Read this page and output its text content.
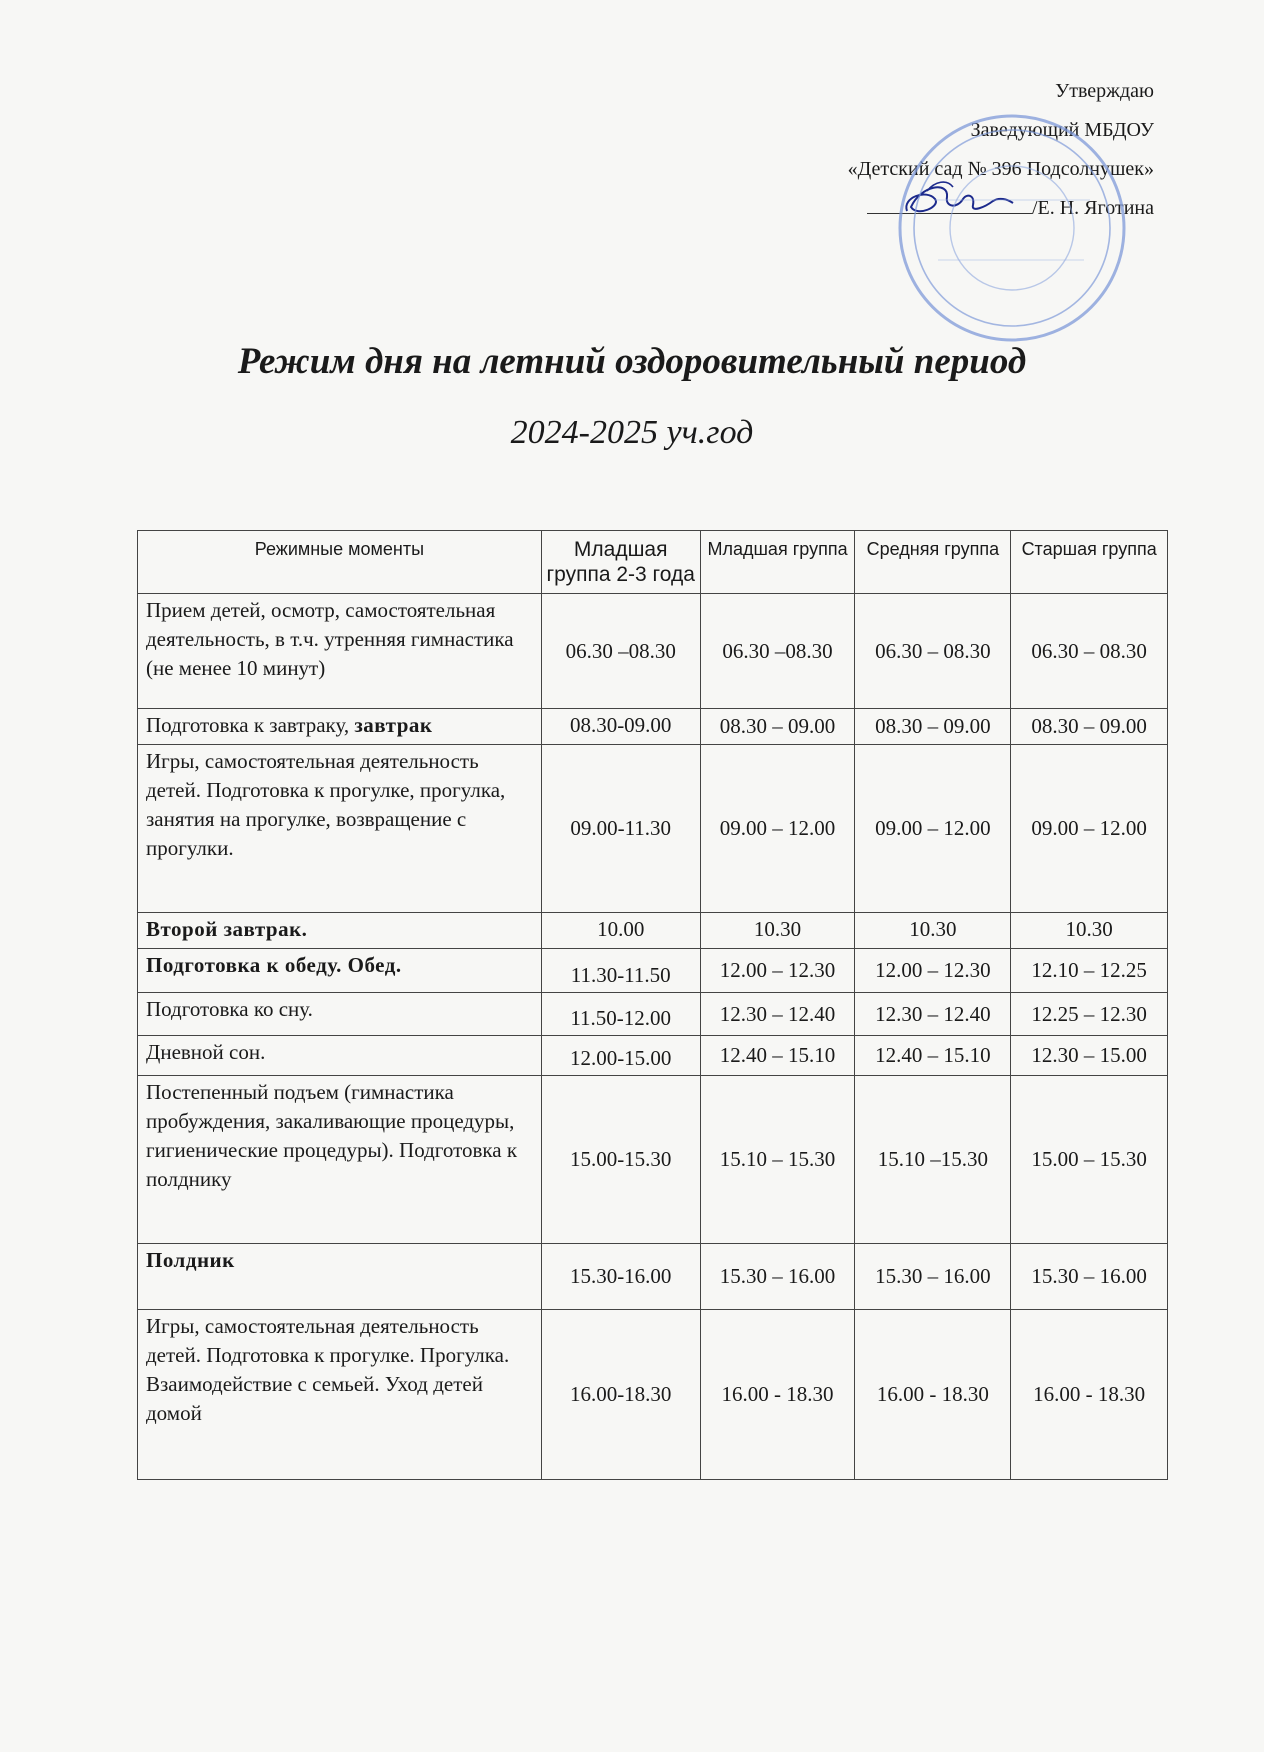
Утверждаю
Заведующий МБДОУ
«Детский сад № 396 Подсолнушек»
/Е. Н. Яготина
Режим дня на летний оздоровительный период
2024-2025 уч.год
Режимные моменты	Младшая группа 2-3 года	Младшая группа	Средняя группа	Старшая группа
Прием детей, осмотр, самостоятельная деятельность, в т.ч. утренняя гимнастика (не менее 10 минут)	06.30 –08.30	06.30 –08.30	06.30 – 08.30	06.30 – 08.30
Подготовка к завтраку, завтрак	08.30-09.00	08.30 – 09.00	08.30 – 09.00	08.30 – 09.00
Игры, самостоятельная деятельность детей. Подготовка к прогулке, прогулка, занятия на прогулке, возвращение с прогулки.	09.00-11.30	09.00 – 12.00	09.00 – 12.00	09.00 – 12.00
Второй завтрак.	10.00	10.30	10.30	10.30
Подготовка к обеду. Обед.	11.30-11.50	12.00 – 12.30	12.00 – 12.30	12.10 – 12.25
Подготовка ко сну.	11.50-12.00	12.30 – 12.40	12.30 – 12.40	12.25 – 12.30
Дневной сон.	12.00-15.00	12.40 – 15.10	12.40 – 15.10	12.30 – 15.00
Постепенный подъем (гимнастика пробуждения, закаливающие процедуры, гигиенические процедуры). Подготовка к полднику	15.00-15.30	15.10 – 15.30	15.10 –15.30	15.00 – 15.30
Полдник	15.30-16.00	15.30 – 16.00	15.30 – 16.00	15.30 – 16.00
Игры, самостоятельная деятельность детей. Подготовка к прогулке. Прогулка. Взаимодействие с семьей. Уход детей домой	16.00-18.30	16.00 - 18.30	16.00 - 18.30	16.00 - 18.30
